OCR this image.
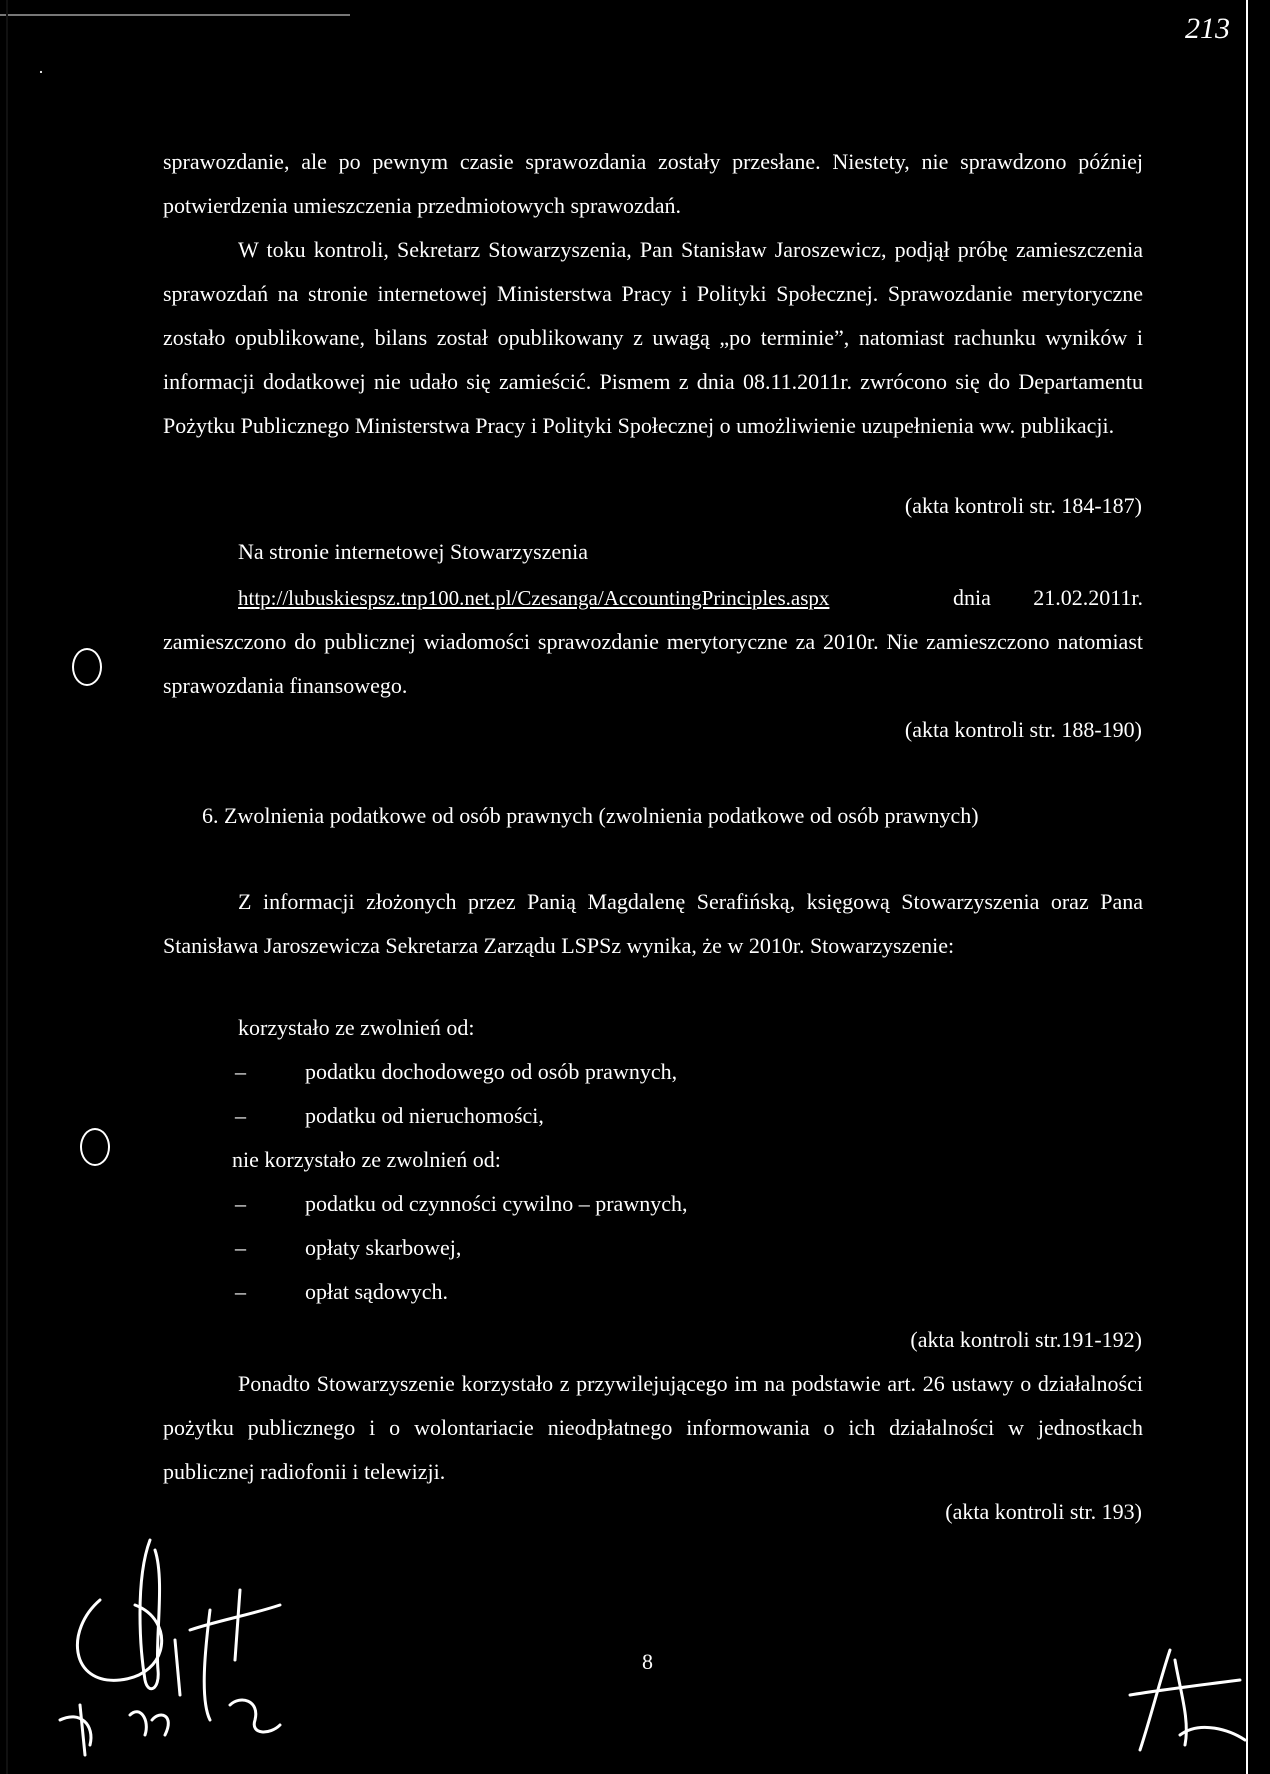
213
·
sprawozdanie, ale po pewnym czasie sprawozdania zostały przesłane. Niestety, nie sprawdzono później potwierdzenia umieszczenia przedmiotowych sprawozdań.
W toku kontroli, Sekretarz Stowarzyszenia, Pan Stanisław Jaroszewicz, podjął próbę zamieszczenia sprawozdań na stronie internetowej Ministerstwa Pracy i Polityki Społecznej. Sprawozdanie merytoryczne zostało opublikowane, bilans został opublikowany z uwagą „po terminie”, natomiast rachunku wyników i informacji dodatkowej nie udało się zamieścić. Pismem z dnia 08.11.2011r. zwrócono się do Departamentu Pożytku Publicznego Ministerstwa Pracy i Polityki Społecznej o umożliwienie uzupełnienia ww. publikacji.
(akta kontroli str. 184-187)
Na stronie internetowej Stowarzyszenia
http://lubuskiespsz.tnp100.net.pl/Czesanga/AccountingPrinciples.aspx	dnia 21.02.2011r. zamieszczono do publicznej wiadomości sprawozdanie merytoryczne za 2010r. Nie zamieszczono natomiast sprawozdania finansowego.
(akta kontroli str. 188-190)
6. Zwolnienia podatkowe od osób prawnych (zwolnienia podatkowe od osób prawnych)
Z informacji złożonych przez Panią Magdalenę Serafińską, księgową Stowarzyszenia oraz Pana Stanisława Jaroszewicza Sekretarza Zarządu LSPSz wynika, że w 2010r. Stowarzyszenie:
korzystało ze zwolnień od:
–	podatku dochodowego od osób prawnych,
–	podatku od nieruchomości,
nie korzystało ze zwolnień od:
–	podatku od czynności cywilno – prawnych,
–	opłaty skarbowej,
–	opłat sądowych.
(akta kontroli str.191-192)
Ponadto Stowarzyszenie korzystało z przywilejującego im na podstawie art. 26 ustawy o działalności pożytku publicznego i o wolontariacie nieodpłatnego informowania o ich działalności w jednostkach publicznej radiofonii i telewizji.
(akta kontroli str. 193)
8
